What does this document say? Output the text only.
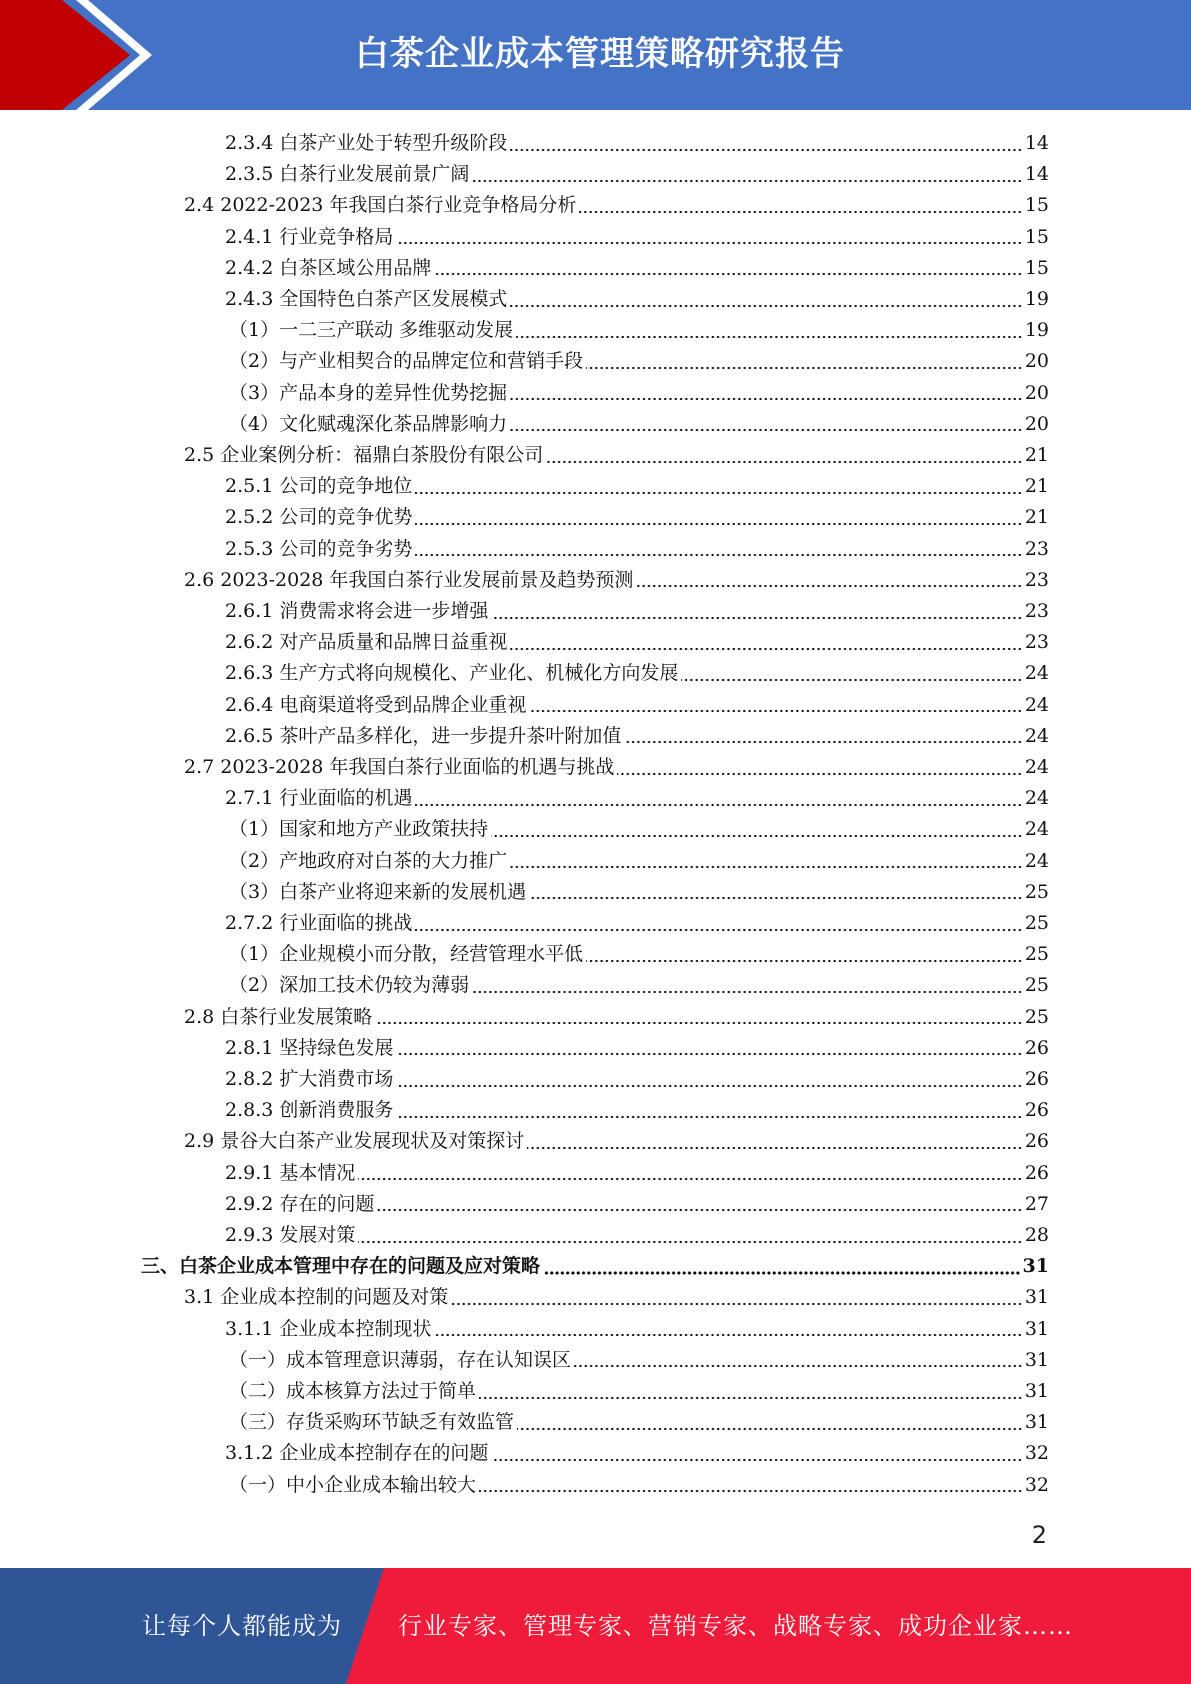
白茶企业成本管理策略研究报告
2.3.4 白茶产业处于转型升级阶段	14
2.3.5 白茶行业发展前景广阔	14
2.4 2022-2023 年我国白茶行业竞争格局分析	15
2.4.1 行业竞争格局	15
2.4.2 白茶区域公用品牌	15
2.4.3 全国特色白茶产区发展模式	19
（1）一二三产联动 多维驱动发展	19
（2）与产业相契合的品牌定位和营销手段	20
（3）产品本身的差异性优势挖掘	20
（4）文化赋魂深化茶品牌影响力	20
2.5 企业案例分析：福鼎白茶股份有限公司	21
2.5.1 公司的竞争地位	21
2.5.2 公司的竞争优势	21
2.5.3 公司的竞争劣势	23
2.6 2023-2028 年我国白茶行业发展前景及趋势预测	23
2.6.1 消费需求将会进一步增强	23
2.6.2 对产品质量和品牌日益重视	23
2.6.3 生产方式将向规模化、产业化、机械化方向发展	24
2.6.4 电商渠道将受到品牌企业重视	24
2.6.5 茶叶产品多样化，进一步提升茶叶附加值	24
2.7 2023-2028 年我国白茶行业面临的机遇与挑战	24
2.7.1 行业面临的机遇	24
（1）国家和地方产业政策扶持	24
（2）产地政府对白茶的大力推广	24
（3）白茶产业将迎来新的发展机遇	25
2.7.2 行业面临的挑战	25
（1）企业规模小而分散，经营管理水平低	25
（2）深加工技术仍较为薄弱	25
2.8 白茶行业发展策略	25
2.8.1 坚持绿色发展	26
2.8.2 扩大消费市场	26
2.8.3 创新消费服务	26
2.9 景谷大白茶产业发展现状及对策探讨	26
2.9.1 基本情况	26
2.9.2 存在的问题	27
2.9.3 发展对策	28
三、白茶企业成本管理中存在的问题及应对策略	31
3.1 企业成本控制的问题及对策	31
3.1.1 企业成本控制现状	31
（一）成本管理意识薄弱，存在认知误区	31
（二）成本核算方法过于简单	31
（三）存货采购环节缺乏有效监管	31
3.1.2 企业成本控制存在的问题	32
（一）中小企业成本输出较大	32
2
让每个人都能成为 行业专家、管理专家、营销专家、战略专家、成功企业家……
